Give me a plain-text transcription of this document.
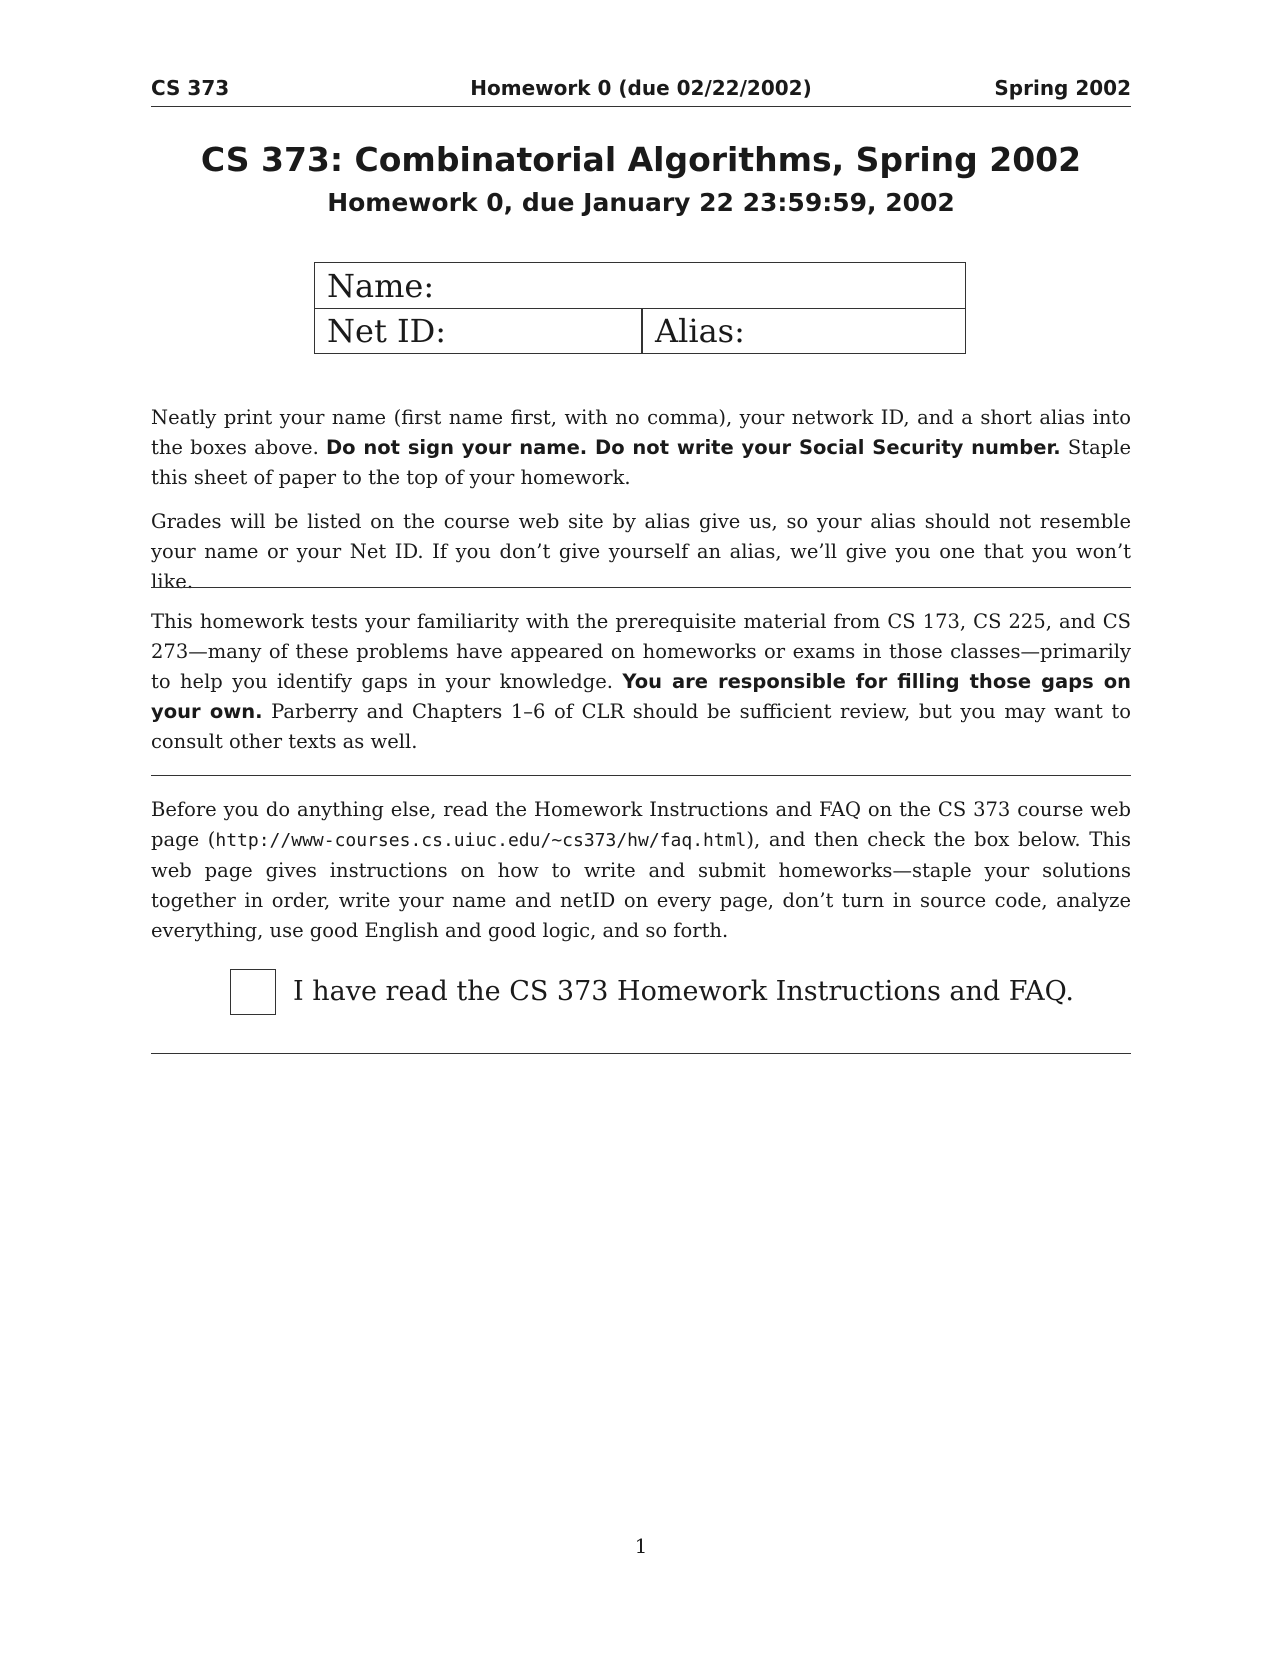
CS 373	Homework 0 (due 02/22/2002)	Spring 2002
CS 373: Combinatorial Algorithms, Spring 2002
Homework 0, due January 22 23:59:59, 2002
Name:
Net ID:	Alias:

Neatly print your name (first name first, with no comma), your network ID, and a short alias into the boxes above. Do not sign your name. Do not write your Social Security number. Staple this sheet of paper to the top of your homework.

Grades will be listed on the course web site by alias give us, so your alias should not resemble your name or your Net ID. If you don’t give yourself an alias, we’ll give you one that you won’t like.

This homework tests your familiarity with the prerequisite material from CS 173, CS 225, and CS 273—many of these problems have appeared on homeworks or exams in those classes—primarily to help you identify gaps in your knowledge. You are responsible for filling those gaps on your own. Parberry and Chapters 1–6 of CLR should be sufficient review, but you may want to consult other texts as well.

Before you do anything else, read the Homework Instructions and FAQ on the CS 373 course web page (http://www-courses.cs.uiuc.edu/~cs373/hw/faq.html), and then check the box below. This web page gives instructions on how to write and submit homeworks—staple your solutions together in order, write your name and netID on every page, don’t turn in source code, analyze everything, use good English and good logic, and so forth.

I have read the CS 373 Homework Instructions and FAQ.
1
